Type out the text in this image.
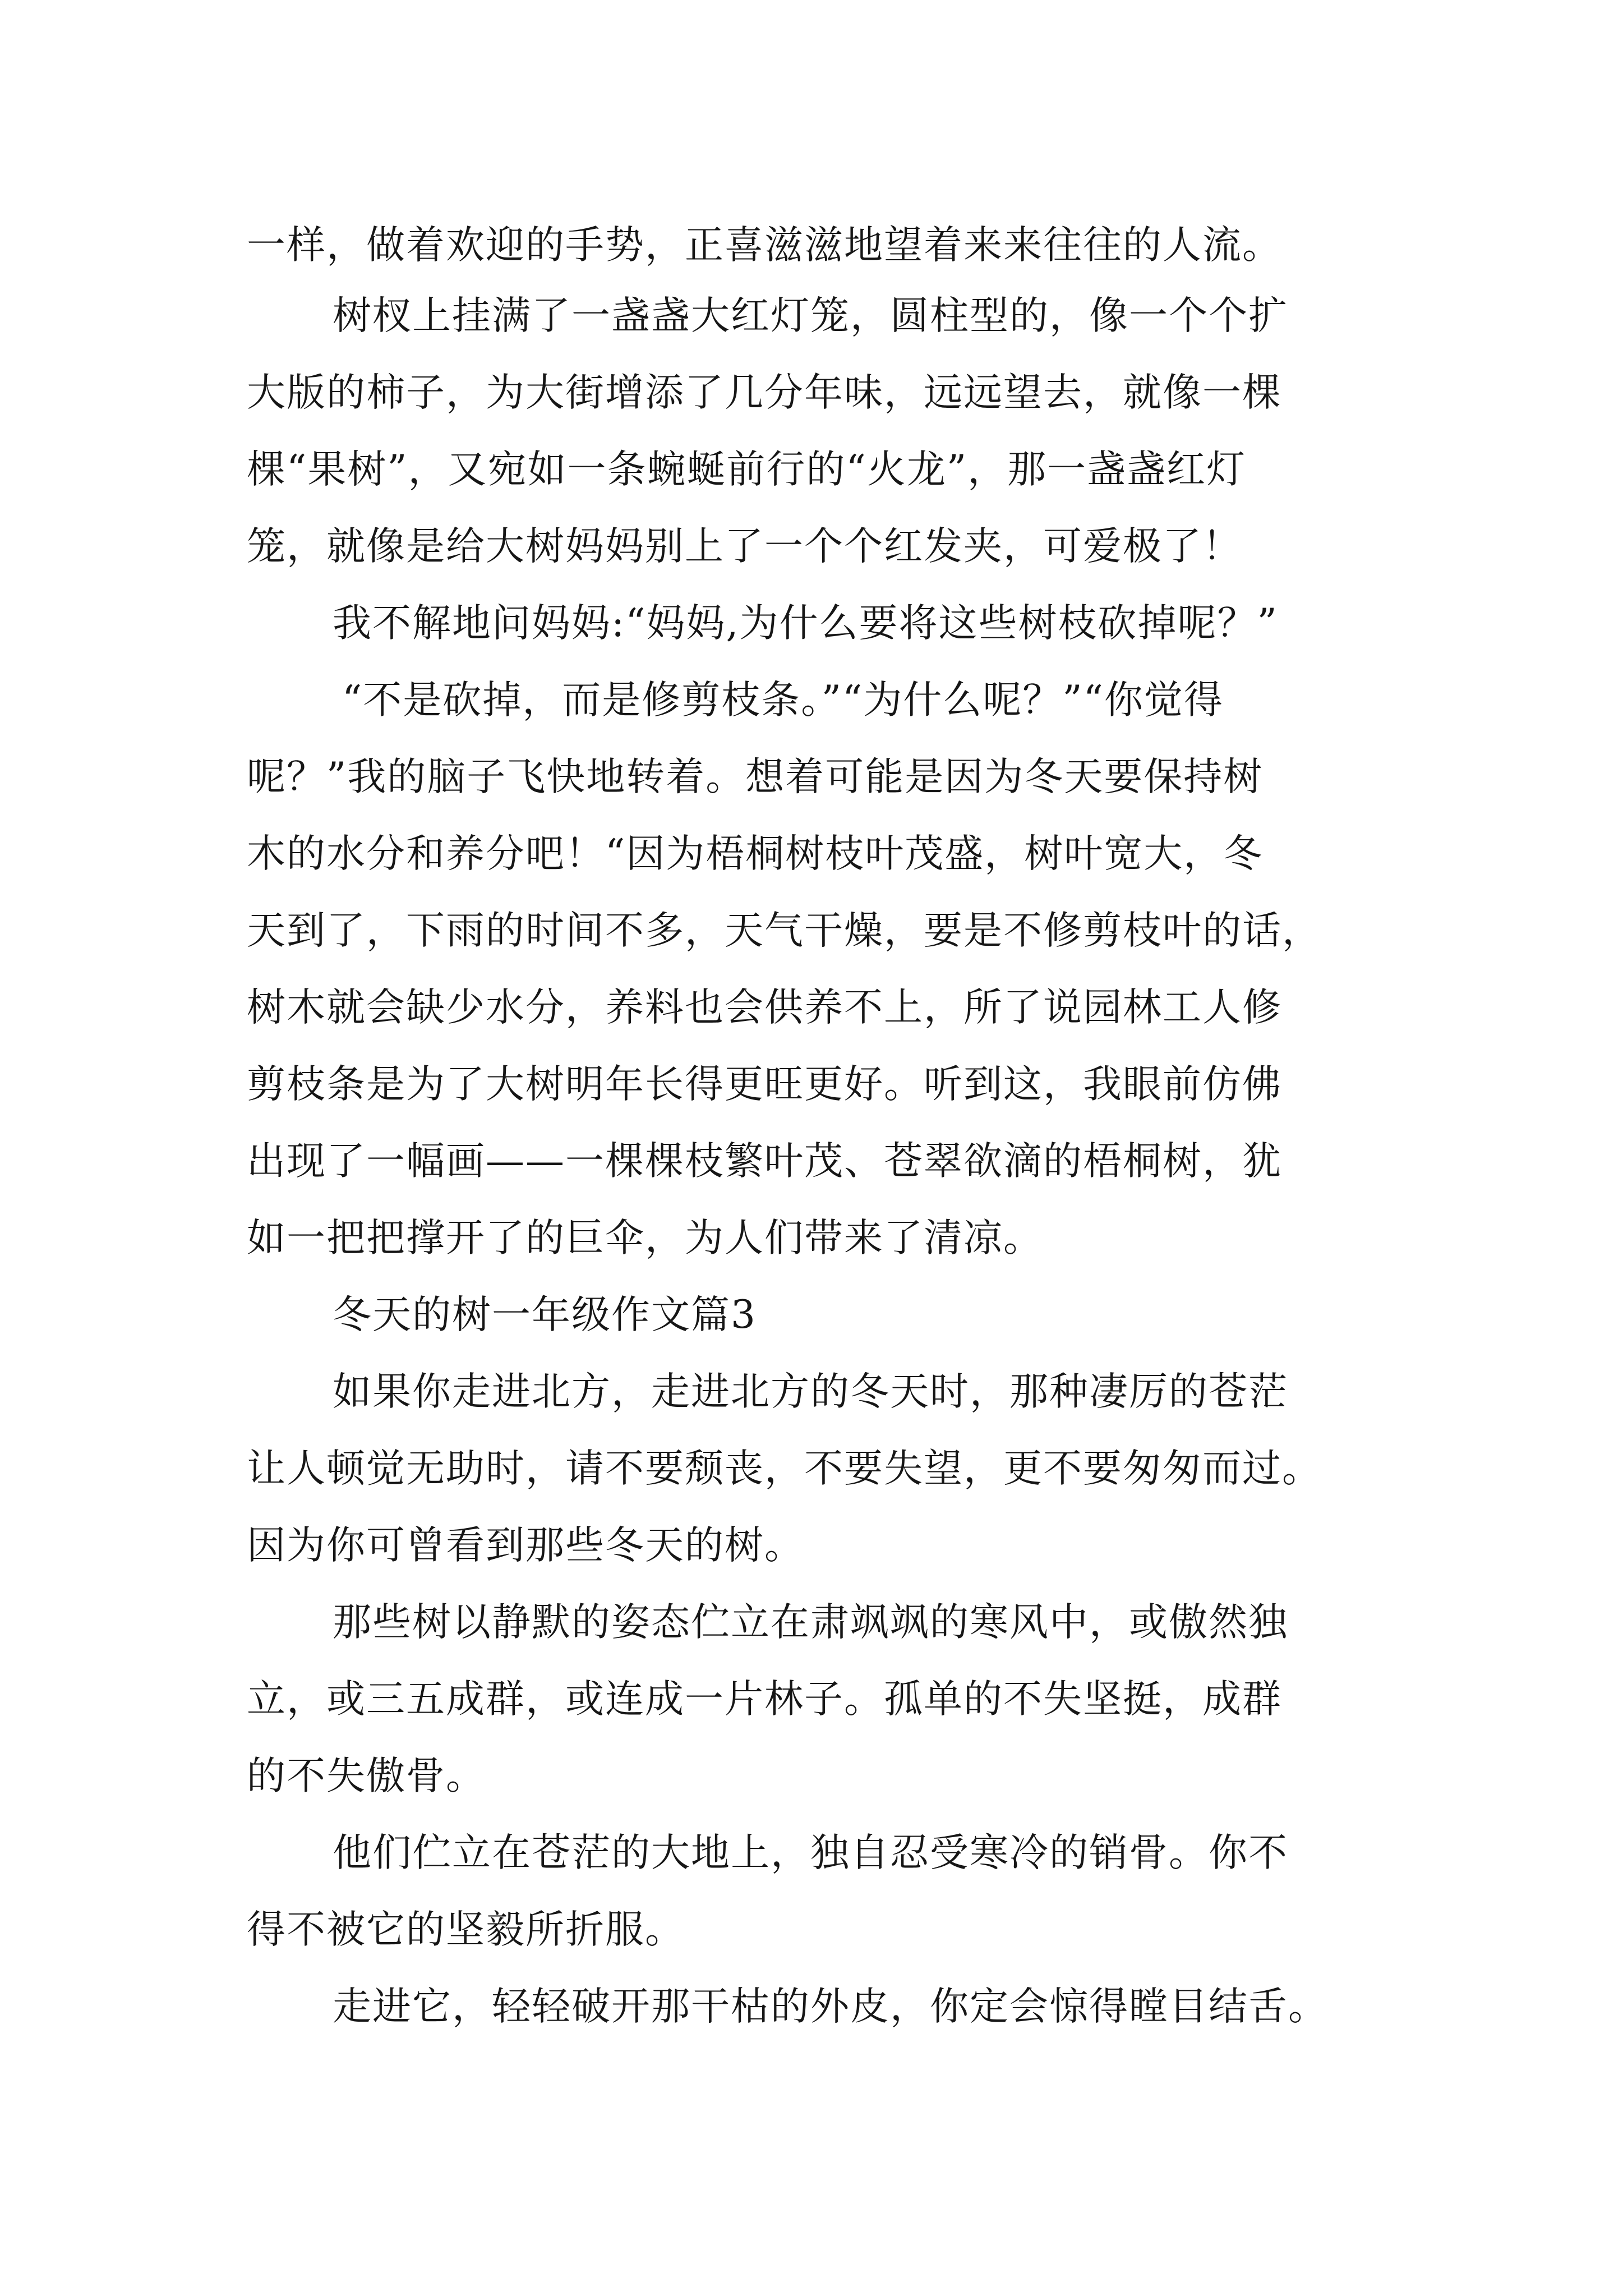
一样，做着欢迎的手势，正喜滋滋地望着来来往往的人流。
树杈上挂满了一盏盏大红灯笼，圆柱型的，像一个个扩
大版的柿子，为大街增添了几分年味，远远望去，就像一棵
棵“果树”，又宛如一条蜿蜒前行的“火龙”，那一盏盏红灯
笼，就像是给大树妈妈别上了一个个红发夹，可爱极了！
我不解地问妈妈:“妈妈,为什么要将这些树枝砍掉呢？”
“不是砍掉，而是修剪枝条。”“为什么呢？”“你觉得
呢？”我的脑子飞快地转着。想着可能是因为冬天要保持树
木的水分和养分吧！“因为梧桐树枝叶茂盛，树叶宽大，冬
天到了，下雨的时间不多，天气干燥，要是不修剪枝叶的话，
树木就会缺少水分，养料也会供养不上，所了说园林工人修
剪枝条是为了大树明年长得更旺更好。听到这，我眼前仿佛
出现了一幅画——一棵棵枝繁叶茂、苍翠欲滴的梧桐树，犹
如一把把撑开了的巨伞，为人们带来了清凉。
冬天的树一年级作文篇3
如果你走进北方，走进北方的冬天时，那种凄厉的苍茫
让人顿觉无助时，请不要颓丧，不要失望，更不要匆匆而过。
因为你可曾看到那些冬天的树。
那些树以静默的姿态伫立在肃飒飒的寒风中，或傲然独
立，或三五成群，或连成一片林子。孤单的不失坚挺，成群
的不失傲骨。
他们伫立在苍茫的大地上，独自忍受寒冷的销骨。你不
得不被它的坚毅所折服。
走进它，轻轻破开那干枯的外皮，你定会惊得瞠目结舌。
